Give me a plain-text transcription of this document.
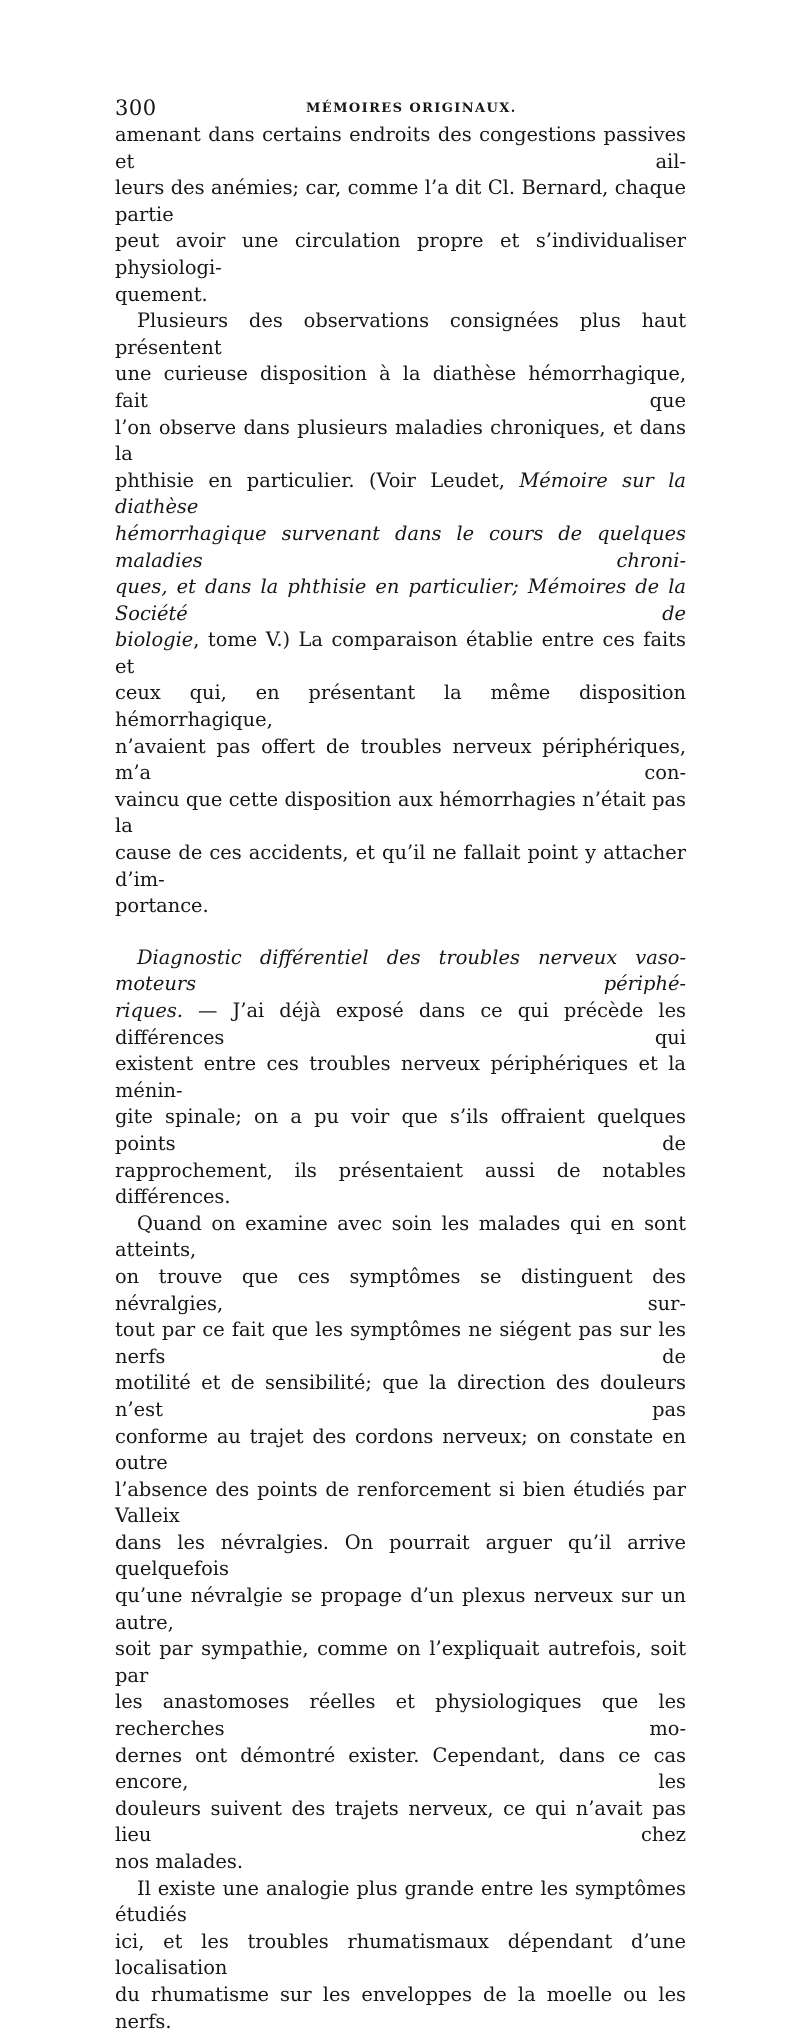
300	MÉMOIRES ORIGINAUX.

amenant dans certains endroits des congestions passives et ail-

leurs des anémies; car, comme l’a dit Cl. Bernard, chaque partie

peut avoir une circulation propre et s’individualiser physiologi-

quement.

Plusieurs des observations consignées plus haut présentent

une curieuse disposition à la diathèse hémorrhagique, fait que

l’on observe dans plusieurs maladies chroniques, et dans la

phthisie en particulier. (Voir Leudet, Mémoire sur la diathèse

hémorrhagique survenant dans le cours de quelques maladies chroni-

ques, et dans la phthisie en particulier; Mémoires de la Société de

biologie, tome V.) La comparaison établie entre ces faits et

ceux qui, en présentant la même disposition hémorrhagique,

n’avaient pas offert de troubles nerveux périphériques, m’a con-

vaincu que cette disposition aux hémorrhagies n’était pas la

cause de ces accidents, et qu’il ne fallait point y attacher d’im-

portance.

Diagnostic différentiel des troubles nerveux vaso-moteurs périphé-

riques. — J’ai déjà exposé dans ce qui précède les différences qui

existent entre ces troubles nerveux périphériques et la ménin-

gite spinale; on a pu voir que s’ils offraient quelques points de

rapprochement, ils présentaient aussi de notables différences.

Quand on examine avec soin les malades qui en sont atteints,

on trouve que ces symptômes se distinguent des névralgies, sur-

tout par ce fait que les symptômes ne siégent pas sur les nerfs de

motilité et de sensibilité; que la direction des douleurs n’est pas

conforme au trajet des cordons nerveux; on constate en outre

l’absence des points de renforcement si bien étudiés par Valleix

dans les névralgies. On pourrait arguer qu’il arrive quelquefois

qu’une névralgie se propage d’un plexus nerveux sur un autre,

soit par sympathie, comme on l’expliquait autrefois, soit par

les anastomoses réelles et physiologiques que les recherches mo-

dernes ont démontré exister. Cependant, dans ce cas encore, les

douleurs suivent des trajets nerveux, ce qui n’avait pas lieu chez

nos malades.

Il existe une analogie plus grande entre les symptômes étudiés

ici, et les troubles rhumatismaux dépendant d’une localisation

du rhumatisme sur les enveloppes de la moelle ou les nerfs.
